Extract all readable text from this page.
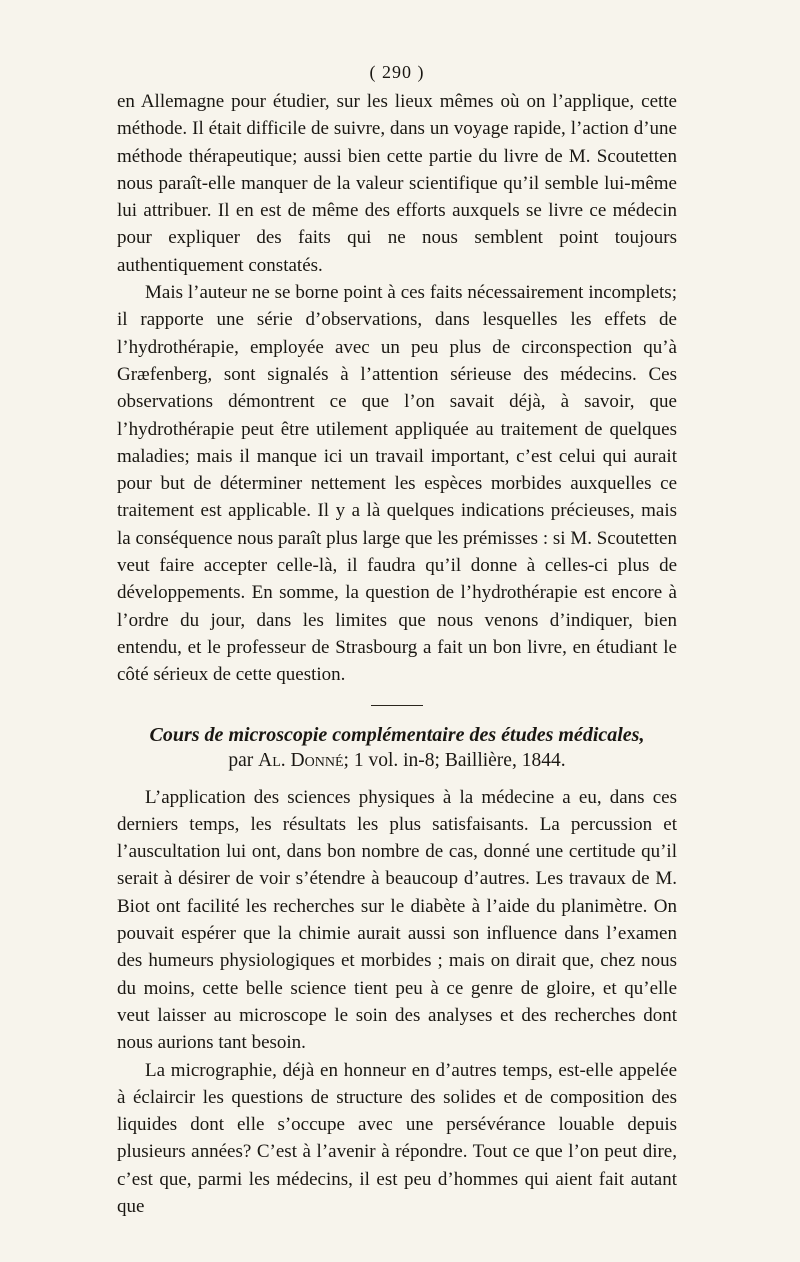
( 290 )

en Allemagne pour étudier, sur les lieux mêmes où on l’applique, cette méthode. Il était difficile de suivre, dans un voyage rapide, l’action d’une méthode thérapeutique; aussi bien cette partie du livre de M. Scoutetten nous paraît-elle manquer de la valeur scientifique qu’il semble lui-même lui attribuer. Il en est de même des efforts auxquels se livre ce médecin pour expliquer des faits qui ne nous semblent point toujours authentiquement constatés.

Mais l’auteur ne se borne point à ces faits nécessairement incomplets; il rapporte une série d’observations, dans lesquelles les effets de l’hydrothérapie, employée avec un peu plus de circonspection qu’à Græfenberg, sont signalés à l’attention sérieuse des médecins. Ces observations démontrent ce que l’on savait déjà, à savoir, que l’hydrothérapie peut être utilement appliquée au traitement de quelques maladies; mais il manque ici un travail important, c’est celui qui aurait pour but de déterminer nettement les espèces morbides auxquelles ce traitement est applicable. Il y a là quelques indications précieuses, mais la conséquence nous paraît plus large que les prémisses : si M. Scoutetten veut faire accepter celle-là, il faudra qu’il donne à celles-ci plus de développements. En somme, la question de l’hydrothérapie est encore à l’ordre du jour, dans les limites que nous venons d’indiquer, bien entendu, et le professeur de Strasbourg a fait un bon livre, en étudiant le côté sérieux de cette question.

Cours de microscopie complémentaire des études médicales,

par Al. Donné; 1 vol. in-8; Baillière, 1844.

L’application des sciences physiques à la médecine a eu, dans ces derniers temps, les résultats les plus satisfaisants. La percussion et l’auscultation lui ont, dans bon nombre de cas, donné une certitude qu’il serait à désirer de voir s’étendre à beaucoup d’autres. Les travaux de M. Biot ont facilité les recherches sur le diabète à l’aide du planimètre. On pouvait espérer que la chimie aurait aussi son influence dans l’examen des humeurs physiologiques et morbides ; mais on dirait que, chez nous du moins, cette belle science tient peu à ce genre de gloire, et qu’elle veut laisser au microscope le soin des analyses et des recherches dont nous aurions tant besoin.

La micrographie, déjà en honneur en d’autres temps, est-elle appelée à éclaircir les questions de structure des solides et de composition des liquides dont elle s’occupe avec une persévérance louable depuis plusieurs années? C’est à l’avenir à répondre. Tout ce que l’on peut dire, c’est que, parmi les médecins, il est peu d’hommes qui aient fait autant que
